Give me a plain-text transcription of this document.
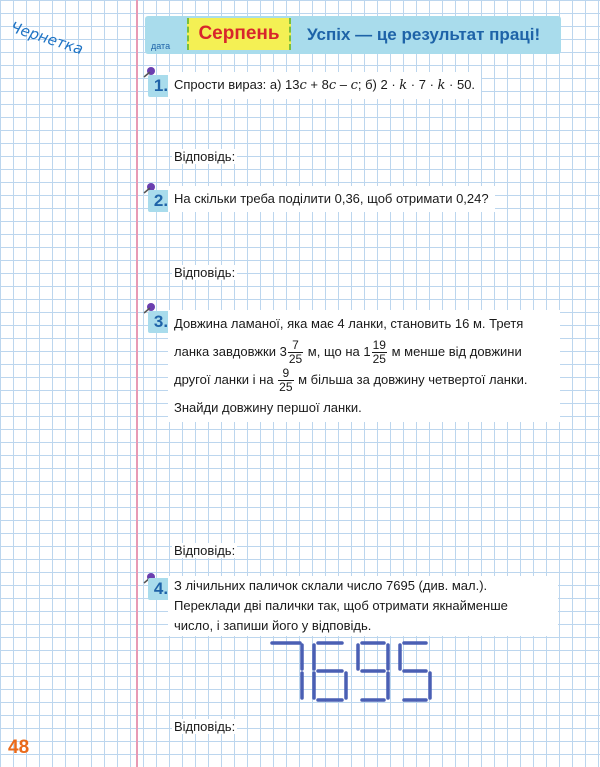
Чернетка	дата
Серпень	Успіх — це результат праці!
1. Спрости вираз: а) 13c + 8c – c; б) 2 · k · 7 · k · 50.
Відповідь:
2. На скільки треба поділити 0,36, щоб отримати 0,24?
Відповідь:
3. Довжина ламаної, яка має 4 ланки, становить 16 м. Третя
ланка завдовжки $3 \frac{7}{25} м$, що на $1 \frac{19}{25}$ м менше від довжини
другої ланки і на $\frac{9}{25}$ м більша за довжину четвертої ланки.
Знайди довжину першої ланки.
Відповідь:
4. З лічильних паличок склали число 7695 (див. мал.).
Переклади дві палички так, щоб отримати якнайменше
число, і запиши його у відповідь.
Відповідь:
48
